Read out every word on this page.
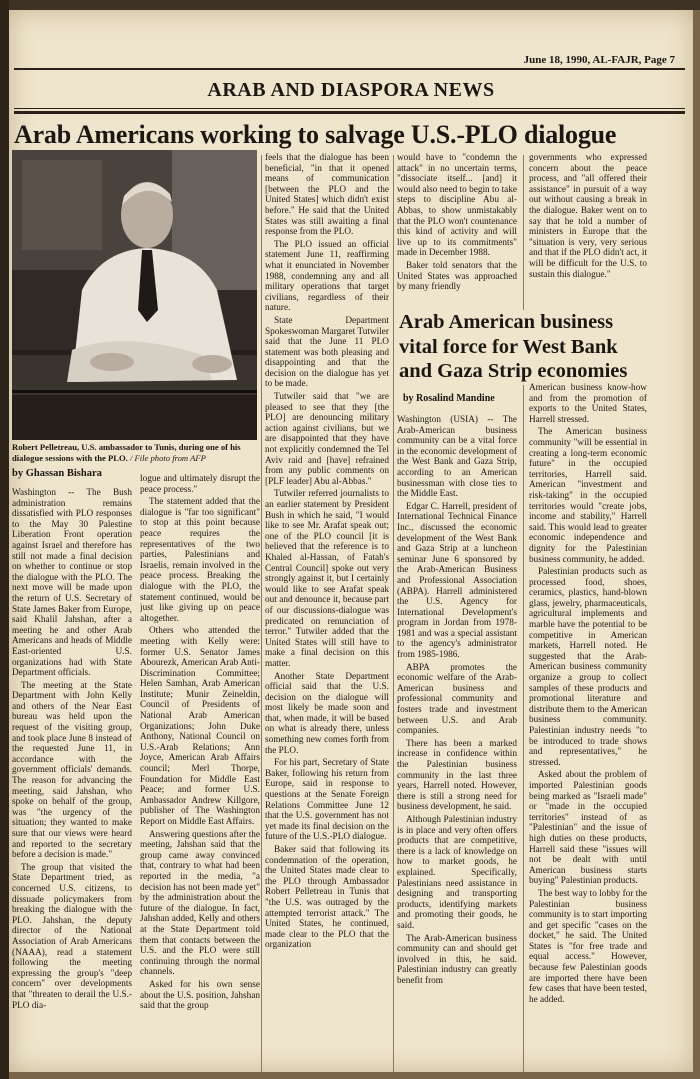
June 18, 1990, AL-FAJR, Page 7
ARAB AND DIASPORA NEWS
Arab Americans working to salvage U.S.-PLO dialogue
Robert Pelletreau, U.S. ambassador to Tunis, during one of his dialogue sessions with the PLO. / File photo from AFP
by Ghassan Bishara

Washington -- The Bush administration remains dissatisfied with PLO responses to the May 30 Palestine Liberation Front operation against Israel and therefore has still not made a final decision on whether to continue or stop the dialogue with the PLO. The next move will be made upon the return of U.S. Secretary of State James Baker from Europe, said Khalil Jahshan, after a meeting he and other Arab Americans and heads of Middle East-oriented U.S. organizations had with State Department officials.

The meeting at the State Department with John Kelly and others of the Near East bureau was held upon the request of the visiting group, and took place June 8 instead of the requested June 11, in accordance with the government officials' demands. The reason for advancing the meeting, said Jahshan, who spoke on behalf of the group, was "the urgency of the situation; they wanted to make sure that our views were heard and reported to the secretary before a decision is made."

The group that visited the State Department tried, as concerned U.S. citizens, to dissuade policymakers from breaking the dialogue with the PLO. Jahshan, the deputy director of the National Association of Arab Americans (NAAA), read a statement following the meeting expressing the group's "deep concern" over developments that "threaten to derail the U.S.-PLO dia-

logue and ultimately disrupt the peace process."

The statement added that the dialogue is "far too significant" to stop at this point because peace requires the representatives of the two parties, Palestinians and Israelis, remain involved in the peace process. Breaking the dialogue with the PLO, the statement continued, would be just like giving up on peace altogether.

Others who attended the meeting with Kelly were: former U.S. Senator James Abourezk, American Arab Anti-Discrimination Committee; Helen Samhan, Arab American Institute; Munir Zeineldin, Council of Presidents of National Arab American Organizations; John Duke Anthony, National Council on U.S.-Arab Relations; Ann Joyce, American Arab Affairs council; Merl Thorpe, Foundation for Middle East Peace; and former U.S. Ambassador Andrew Killgore, publisher of The Washington Report on Middle East Affairs.

Answering questions after the meeting, Jahshan said that the group came away convinced that, contrary to what had been reported in the media, "a decision has not been made yet" by the administration about the future of the dialogue. In fact, Jahshan added, Kelly and others at the State Department told them that contacts between the U.S. and the PLO were still continuing through the normal channels.

Asked for his own sense about the U.S. position, Jahshan said that the group

feels that the dialogue has been beneficial, "in that it opened means of communication [between the PLO and the United States] which didn't exist before." He said that the United States was still awaiting a final response from the PLO.

The PLO issued an official statement June 11, reaffirming what it enunciated in November 1988, condemning any and all military operations that target civilians, regardless of their nature.

State Department Spokeswoman Margaret Tutwiler said that the June 11 PLO statement was both pleasing and disappointing and that the decision on the dialogue has yet to be made.

Tutwiler said that "we are pleased to see that they [the PLO] are denouncing military action against civilians, but we are disappointed that they have not explicitly condemned the Tel Aviv raid and [have] refrained from any public comments on [PLF leader] Abu al-Abbas."

Tutwiler referred journalists to an earlier statement by President Bush in which he said, "I would like to see Mr. Arafat speak out; one of the PLO council [it is believed that the reference is to Khaled al-Hassan, of Fatah's Central Council] spoke out very strongly against it, but I certainly would like to see Arafat speak out and denounce it, because part of our discussions-dialogue was predicated on renunciation of terror." Tutwiler added that the United States will still have to make a final decision on this matter.

Another State Department official said that the U.S. decision on the dialogue will most likely be made soon and that, when made, it will be based on what is already there, unless something new comes forth from the PLO.

For his part, Secretary of State Baker, following his return from Europe, said in response to questions at the Senate Foreign Relations Committee June 12 that the U.S. government has not yet made its final decision on the future of the U.S.-PLO dialogue.

Baker said that following its condemnation of the operation, the United States made clear to the PLO through Ambassador Robert Pelletreau in Tunis that "the U.S. was outraged by the attempted terrorist attack." The United States, he continued, made clear to the PLO that the organization

would have to "condemn the attack" in no uncertain terms, "dissociate itself... [and] it would also need to begin to take steps to discipline Abu al-Abbas, to show unmistakably that the PLO won't countenance this kind of activity and will live up to its commitments" made in December 1988.

Baker told senators that the United States was approached by many friendly

governments who expressed concern about the peace process, and "all offered their assistance" in pursuit of a way out without causing a break in the dialogue. Baker went on to say that he told a number of ministers in Europe that the "situation is very, very serious and that if the PLO didn't act, it will be difficult for the U.S. to sustain this dialogue."

Arab American business vital force for West Bank and Gaza Strip economies
by Rosalind Mandine

Washington (USIA) -- The Arab-American business community can be a vital force in the economic development of the West Bank and Gaza Strip, according to an American businessman with close ties to the Middle East.

Edgar C. Harrell, president of International Technical Finance Inc., discussed the economic development of the West Bank and Gaza Strip at a luncheon seminar June 6 sponsored by the Arab-American Business and Professional Association (ABPA). Harrell administered the U.S. Agency for International Development's program in Jordan from 1978-1981 and was a special assistant to the agency's administrator from 1985-1986.

ABPA promotes the economic welfare of the Arab-American business and professional community and fosters trade and investment between U.S. and Arab companies.

There has been a marked increase in confidence within the Palestinian business community in the last three years, Harrell noted. However, there is still a strong need for business development, he said.

Although Palestinian industry is in place and very often offers products that are competitive, there is a lack of knowledge on how to market goods, he explained. Specifically, Palestinians need assistance in designing and transporting products, identifying markets and promoting their goods, he said.

The Arab-American business community can and should get involved in this, he said. Palestinian industry can greatly benefit from

American business know-how and from the promotion of exports to the United States, Harrell stressed.

The American business community "will be essential in creating a long-term economic future" in the occupied territories, Harrell said. American "investment and risk-taking" in the occupied territories would "create jobs, income and stability," Harrell said. This would lead to greater economic independence and dignity for the Palestinian business community, he added.

Palestinian products such as processed food, shoes, ceramics, plastics, hand-blown glass, jewelry, pharmaceuticals, agricultural implements and marble have the potential to be competitive in American markets, Harrell noted. He suggested that the Arab-American business community organize a group to collect samples of these products and promotional literature and distribute them to the American business community. Palestinian industry needs "to be introduced to trade shows and representatives," he stressed.

Asked about the problem of imported Palestinian goods being marked as "Israeli made" or "made in the occupied territories" instead of as "Palestinian" and the issue of high duties on these products, Harrell said these "issues will not be dealt with until American business starts buying" Palestinian products.

The best way to lobby for the Palestinian business community is to start importing and get specific "cases on the docket," he said. The United States is "for free trade and equal access." However, because few Palestinian goods are imported there have been few cases that have been tested, he added.
